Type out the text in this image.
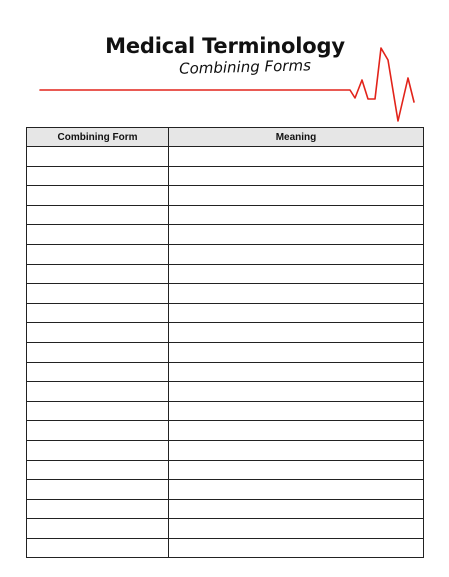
Medical Terminology
Combining Forms
Combining Form	Meaning
